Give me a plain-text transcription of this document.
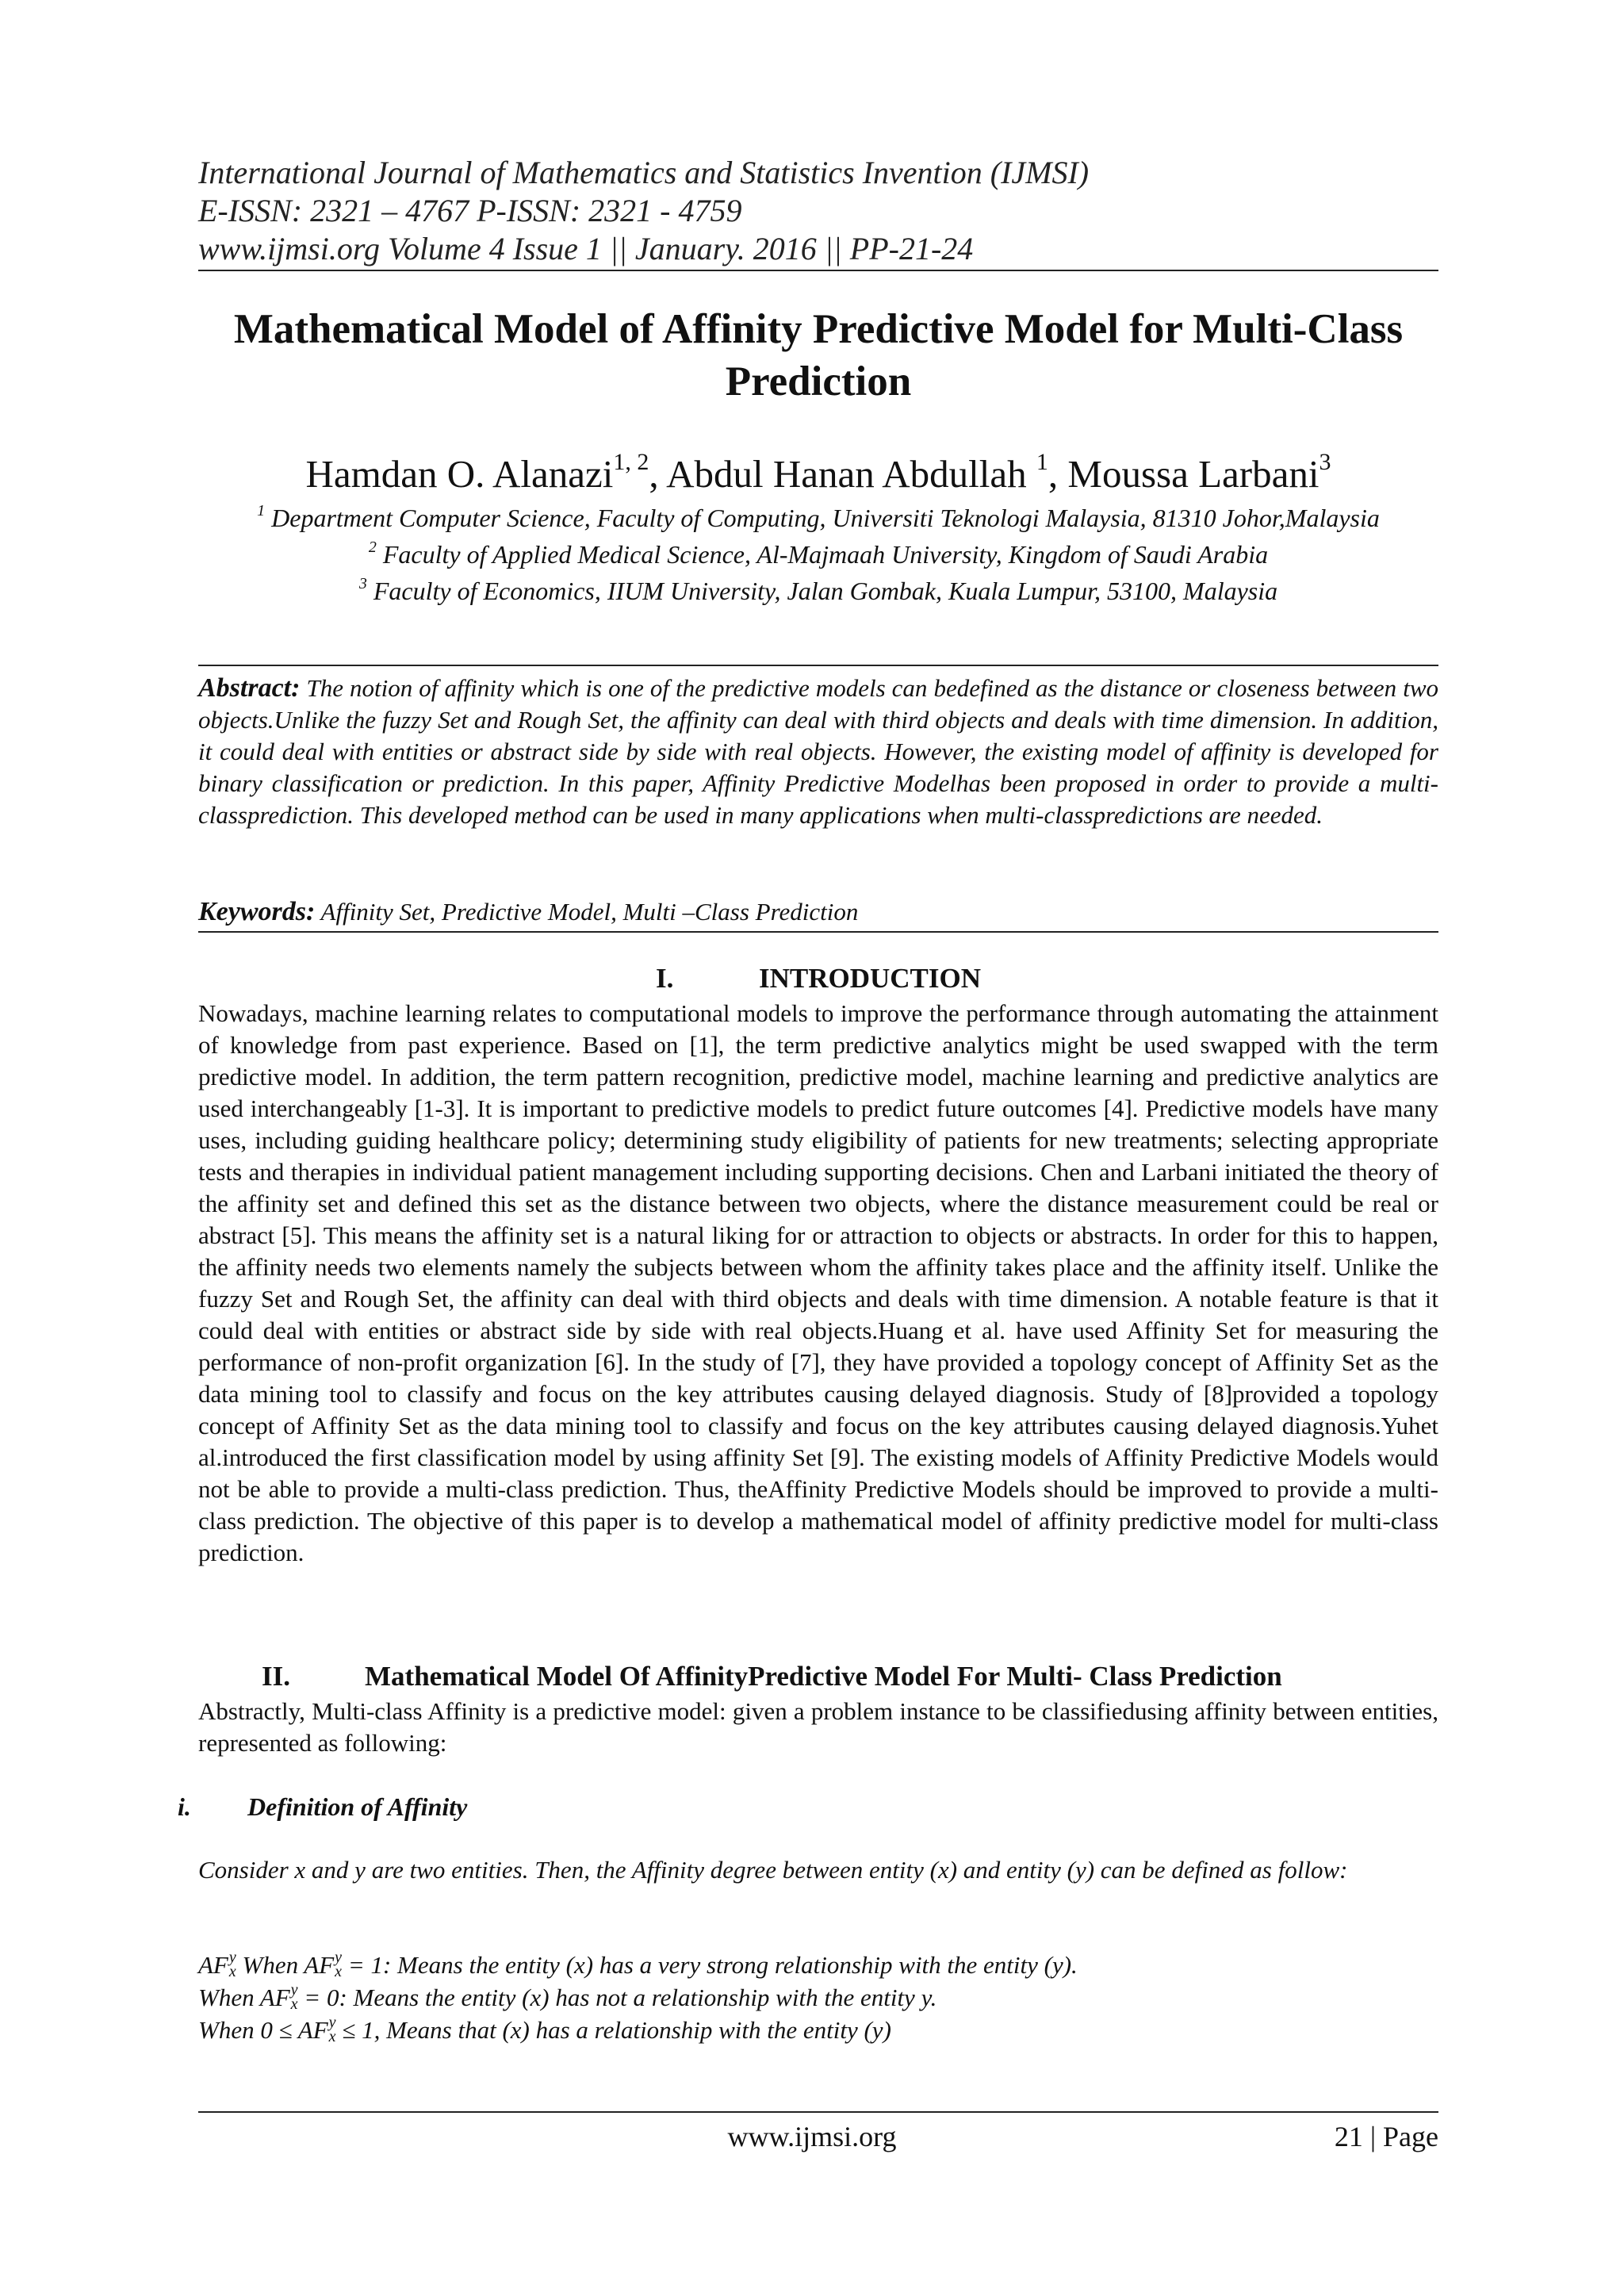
International Journal of Mathematics and Statistics Invention (IJMSI)
E-ISSN: 2321 – 4767 P-ISSN: 2321 - 4759
www.ijmsi.org Volume 4 Issue 1 || January. 2016 || PP-21-24
Mathematical Model of Affinity Predictive Model for Multi-Class
Prediction
Hamdan O. Alanazi$^{1, 2}$, Abdul Hanan Abdullah $^1$, Moussa Larbani$^3$
$^1$ Department Computer Science, Faculty of Computing, Universiti Teknologi Malaysia, 81310 Johor,Malaysia
$^2$ Faculty of Applied Medical Science, Al-Majmaah University, Kingdom of Saudi Arabia
$^3$ Faculty of Economics, IIUM University, Jalan Gombak, Kuala Lumpur, 53100, Malaysia
Abstract: The notion of affinity which is one of the predictive models can bedefined as the distance or closeness between two objects.Unlike the fuzzy Set and Rough Set, the affinity can deal with third objects and deals with time dimension. In addition, it could deal with entities or abstract side by side with real objects. However, the existing model of affinity is developed for binary classification or prediction. In this paper, Affinity Predictive Modelhas been proposed in order to provide a multi-classprediction. This developed method can be used in many applications when multi-classpredictions are needed.
Keywords: Affinity Set, Predictive Model, Multi –Class Prediction
I.	INTRODUCTION
Nowadays, machine learning relates to computational models to improve the performance through automating the attainment of knowledge from past experience. Based on [1], the term predictive analytics might be used swapped with the term predictive model. In addition, the term pattern recognition, predictive model, machine learning and predictive analytics are used interchangeably [1-3]. It is important to predictive models to predict future outcomes [4]. Predictive models have many uses, including guiding healthcare policy; determining study eligibility of patients for new treatments; selecting appropriate tests and therapies in individual patient management including supporting decisions. Chen and Larbani initiated the theory of the affinity set and defined this set as the distance between two objects, where the distance measurement could be real or abstract [5]. This means the affinity set is a natural liking for or attraction to objects or abstracts. In order for this to happen, the affinity needs two elements namely the subjects between whom the affinity takes place and the affinity itself. Unlike the fuzzy Set and Rough Set, the affinity can deal with third objects and deals with time dimension. A notable feature is that it could deal with entities or abstract side by side with real objects.Huang et al. have used Affinity Set for measuring the performance of non-profit organization [6]. In the study of [7], they have provided a topology concept of Affinity Set as the data mining tool to classify and focus on the key attributes causing delayed diagnosis. Study of [8]provided a topology concept of Affinity Set as the data mining tool to classify and focus on the key attributes causing delayed diagnosis.Yuhet al.introduced the first classification model by using affinity Set [9]. The existing models of Affinity Predictive Models would not be able to provide a multi-class prediction. Thus, theAffinity Predictive Models should be improved to provide a multi-class prediction. The objective of this paper is to develop a mathematical model of affinity predictive model for multi-class prediction.
II.	Mathematical Model Of AffinityPredictive Model For Multi- Class Prediction
Abstractly, Multi-class Affinity is a predictive model: given a problem instance to be classifiedusing affinity between entities, represented as following:
i. Definition of Affinity
Consider x and y are two entities. Then, the Affinity degree between entity (x) and entity (y) can be defined as follow:
AF y
x When AF y
x = 1: Means the entity (x) has a very strong relationship with the entity (y).
When AF y
x = 0: Means the entity (x) has not a relationship with the entity y.
When 0 ≤ AF y
x ≤ 1, Means that (x) has a relationship with the entity (y)
www.ijmsi.org	21 | Page
